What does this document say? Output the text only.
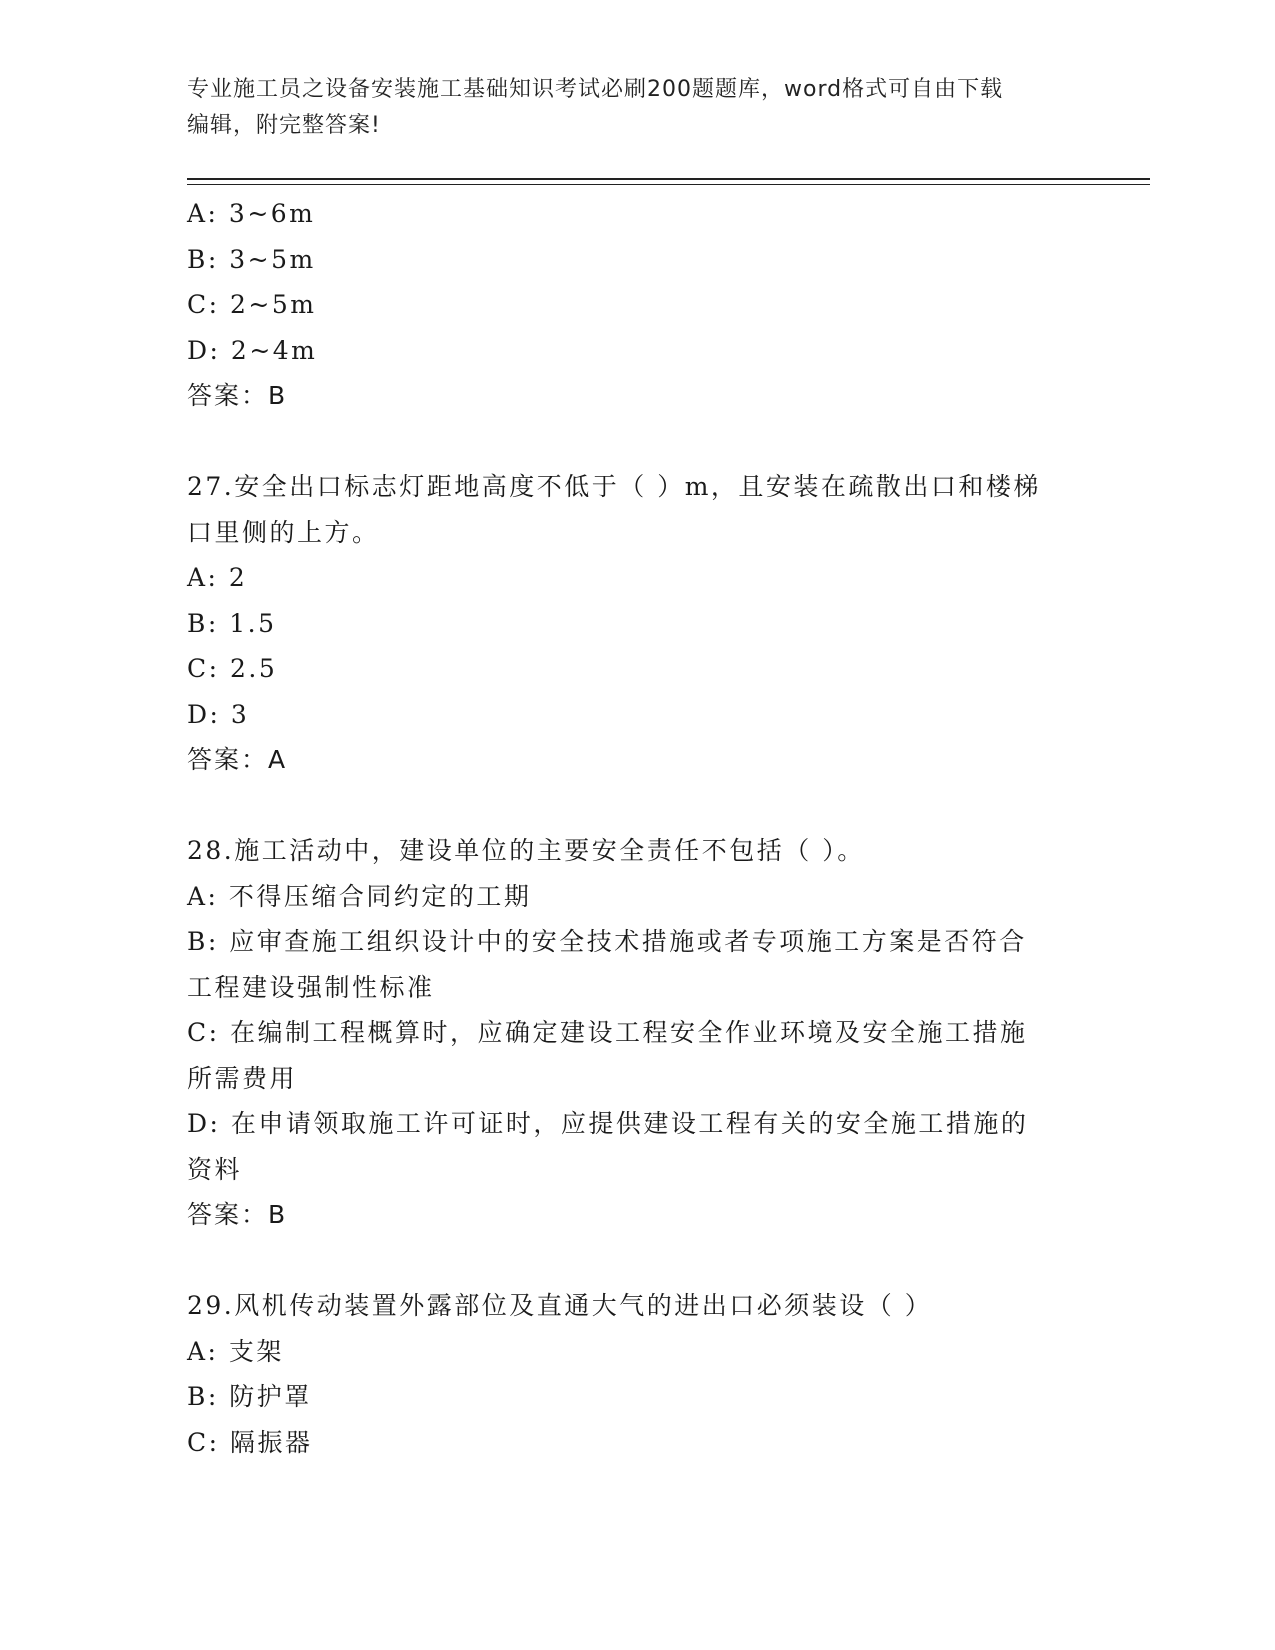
专业施工员之设备安装施工基础知识考试必刷200题题库，word格式可自由下载
编辑，附完整答案!
A: 3~6m
B: 3~5m
C: 2~5m
D: 2~4m
答案：B
27.安全出口标志灯距地高度不低于（ ）m，且安装在疏散出口和楼梯
口里侧的上方。
A: 2
B: 1.5
C: 2.5
D: 3
答案：A
28.施工活动中，建设单位的主要安全责任不包括（ ）。
A: 不得压缩合同约定的工期
B: 应审查施工组织设计中的安全技术措施或者专项施工方案是否符合
工程建设强制性标准
C: 在编制工程概算时，应确定建设工程安全作业环境及安全施工措施
所需费用
D: 在申请领取施工许可证时，应提供建设工程有关的安全施工措施的
资料
答案：B
29.风机传动装置外露部位及直通大气的进出口必须装设（ ）
A: 支架
B: 防护罩
C: 隔振器
